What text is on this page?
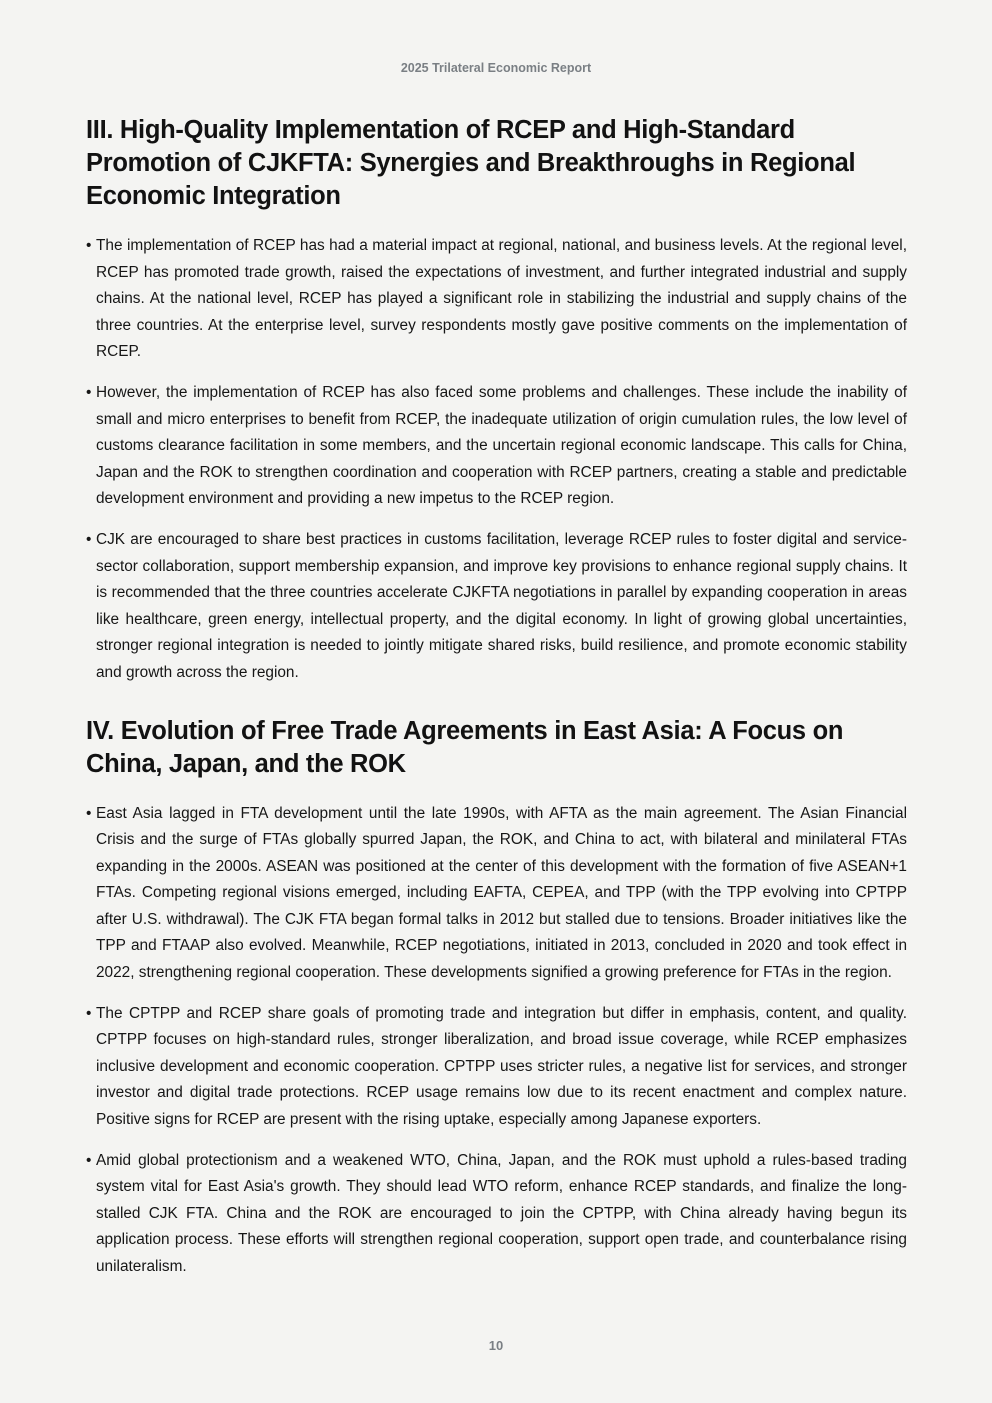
2025 Trilateral Economic Report
III. High-Quality Implementation of RCEP and High-Standard Promotion of CJKFTA: Synergies and Breakthroughs in Regional Economic Integration
• The implementation of RCEP has had a material impact at regional, national, and business levels. At the regional level, RCEP has promoted trade growth, raised the expectations of investment, and further integrated industrial and supply chains. At the national level, RCEP has played a significant role in stabilizing the industrial and supply chains of the three countries. At the enterprise level, survey respondents mostly gave positive comments on the implementation of RCEP.
• However, the implementation of RCEP has also faced some problems and challenges. These include the inability of small and micro enterprises to benefit from RCEP, the inadequate utilization of origin cumulation rules, the low level of customs clearance facilitation in some members, and the uncertain regional economic landscape. This calls for China, Japan and the ROK to strengthen coordination and cooperation with RCEP partners, creating a stable and predictable development environment and providing a new impetus to the RCEP region.
• CJK are encouraged to share best practices in customs facilitation, leverage RCEP rules to foster digital and service-sector collaboration, support membership expansion, and improve key provisions to enhance regional supply chains. It is recommended that the three countries accelerate CJKFTA negotiations in parallel by expanding cooperation in areas like healthcare, green energy, intellectual property, and the digital economy. In light of growing global uncertainties, stronger regional integration is needed to jointly mitigate shared risks, build resilience, and promote economic stability and growth across the region.
IV. Evolution of Free Trade Agreements in East Asia: A Focus on China, Japan, and the ROK
• East Asia lagged in FTA development until the late 1990s, with AFTA as the main agreement. The Asian Financial Crisis and the surge of FTAs globally spurred Japan, the ROK, and China to act, with bilateral and minilateral FTAs expanding in the 2000s. ASEAN was positioned at the center of this development with the formation of five ASEAN+1 FTAs. Competing regional visions emerged, including EAFTA, CEPEA, and TPP (with the TPP evolving into CPTPP after U.S. withdrawal). The CJK FTA began formal talks in 2012 but stalled due to tensions. Broader initiatives like the TPP and FTAAP also evolved. Meanwhile, RCEP negotiations, initiated in 2013, concluded in 2020 and took effect in 2022, strengthening regional cooperation. These developments signified a growing preference for FTAs in the region.
• The CPTPP and RCEP share goals of promoting trade and integration but differ in emphasis, content, and quality. CPTPP focuses on high-standard rules, stronger liberalization, and broad issue coverage, while RCEP emphasizes inclusive development and economic cooperation. CPTPP uses stricter rules, a negative list for services, and stronger investor and digital trade protections. RCEP usage remains low due to its recent enactment and complex nature. Positive signs for RCEP are present with the rising uptake, especially among Japanese exporters.
• Amid global protectionism and a weakened WTO, China, Japan, and the ROK must uphold a rules-based trading system vital for East Asia's growth. They should lead WTO reform, enhance RCEP standards, and finalize the long-stalled CJK FTA. China and the ROK are encouraged to join the CPTPP, with China already having begun its application process. These efforts will strengthen regional cooperation, support open trade, and counterbalance rising unilateralism.
10
